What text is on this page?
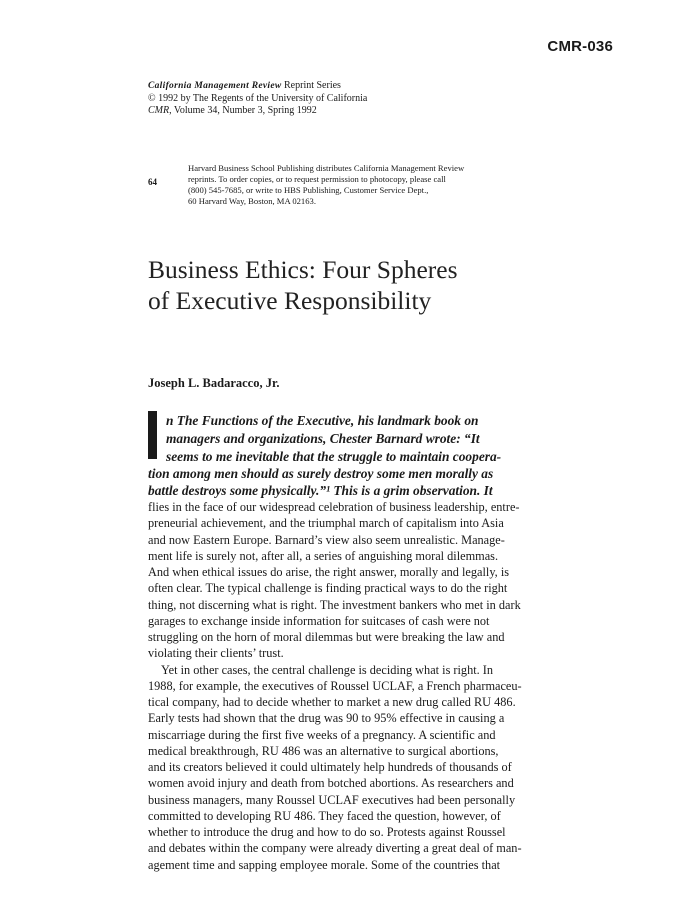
CMR-036
California Management Review Reprint Series
© 1992 by The Regents of the University of California
CMR, Volume 34, Number 3, Spring 1992
64
Harvard Business School Publishing distributes California Management Review
reprints. To order copies, or to request permission to photocopy, please call
(800) 545-7685, or write to HBS Publishing, Customer Service Dept.,
60 Harvard Way, Boston, MA 02163.
Business Ethics: Four Spheres
of Executive Responsibility
Joseph L. Badaracco, Jr.
n The Functions of the Executive, his landmark book on
managers and organizations, Chester Barnard wrote: “It
seems to me inevitable that the struggle to maintain coopera-
tion among men should as surely destroy some men morally as
battle destroys some physically.”¹ This is a grim observation. It
flies in the face of our widespread celebration of business leadership, entre-
preneurial achievement, and the triumphal march of capitalism into Asia
and now Eastern Europe. Barnard’s view also seem unrealistic. Manage-
ment life is surely not, after all, a series of anguishing moral dilemmas.
And when ethical issues do arise, the right answer, morally and legally, is
often clear. The typical challenge is finding practical ways to do the right
thing, not discerning what is right. The investment bankers who met in dark
garages to exchange inside information for suitcases of cash were not
struggling on the horn of moral dilemmas but were breaking the law and
violating their clients’ trust.
Yet in other cases, the central challenge is deciding what is right. In
1988, for example, the executives of Roussel UCLAF, a French pharmaceu-
tical company, had to decide whether to market a new drug called RU 486.
Early tests had shown that the drug was 90 to 95% effective in causing a
miscarriage during the first five weeks of a pregnancy. A scientific and
medical breakthrough, RU 486 was an alternative to surgical abortions,
and its creators believed it could ultimately help hundreds of thousands of
women avoid injury and death from botched abortions. As researchers and
business managers, many Roussel UCLAF executives had been personally
committed to developing RU 486. They faced the question, however, of
whether to introduce the drug and how to do so. Protests against Roussel
and debates within the company were already diverting a great deal of man-
agement time and sapping employee morale. Some of the countries that
